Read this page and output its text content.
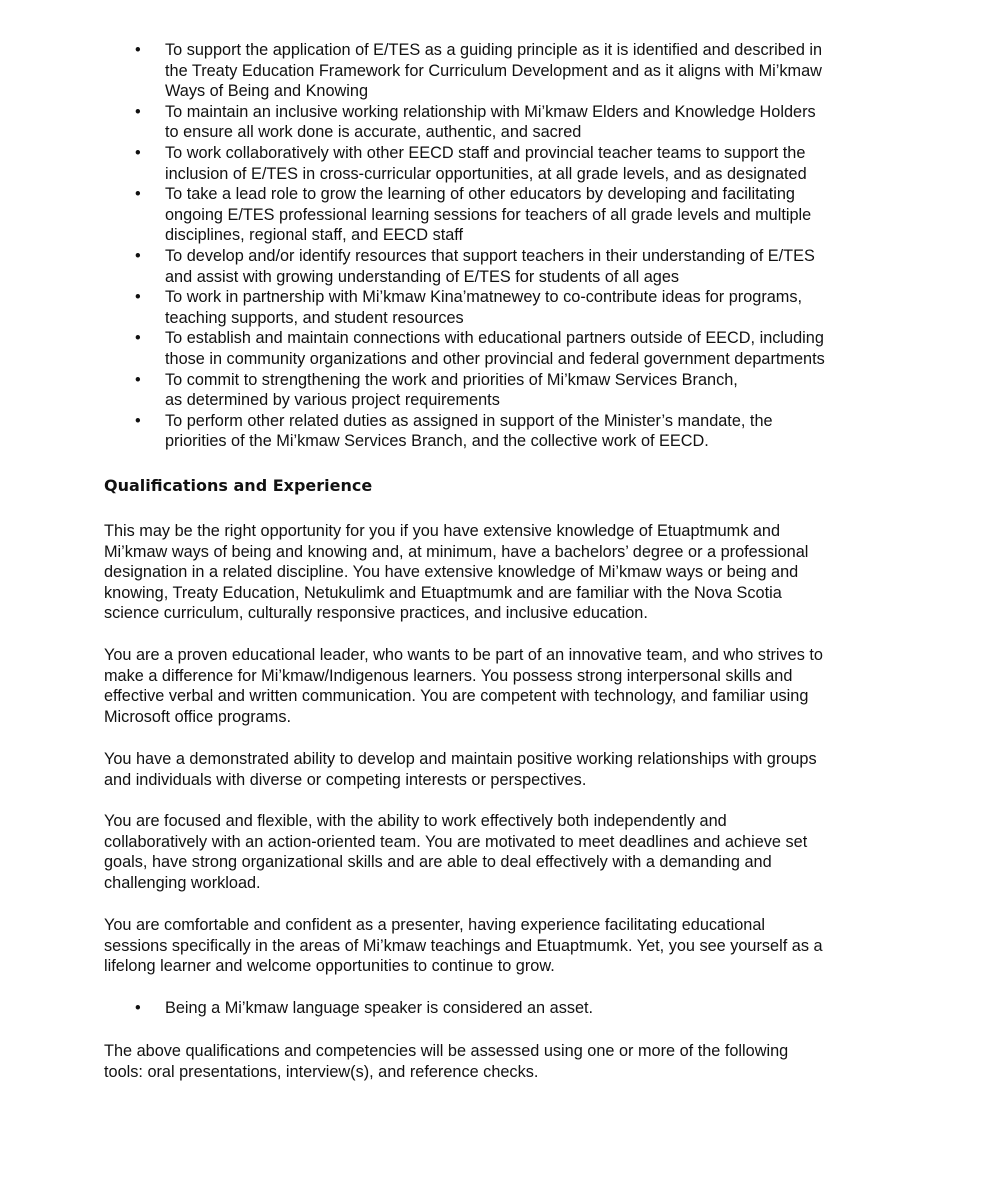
• To support the application of E/TES as a guiding principle as it is identified and described in
the Treaty Education Framework for Curriculum Development and as it aligns with Mi’kmaw
Ways of Being and Knowing
• To maintain an inclusive working relationship with Mi’kmaw Elders and Knowledge Holders
to ensure all work done is accurate, authentic, and sacred
• To work collaboratively with other EECD staff and provincial teacher teams to support the
inclusion of E/TES in cross-curricular opportunities, at all grade levels, and as designated
• To take a lead role to grow the learning of other educators by developing and facilitating
ongoing E/TES professional learning sessions for teachers of all grade levels and multiple
disciplines, regional staff, and EECD staff
• To develop and/or identify resources that support teachers in their understanding of E/TES
and assist with growing understanding of E/TES for students of all ages
• To work in partnership with Mi’kmaw Kina’matnewey to co-contribute ideas for programs,
teaching supports, and student resources
• To establish and maintain connections with educational partners outside of EECD, including
those in community organizations and other provincial and federal government departments
• To commit to strengthening the work and priorities of Mi’kmaw Services Branch,
as determined by various project requirements
• To perform other related duties as assigned in support of the Minister’s mandate, the
priorities of the Mi’kmaw Services Branch, and the collective work of EECD.
Qualifications and Experience

This may be the right opportunity for you if you have extensive knowledge of Etuaptmumk and
Mi’kmaw ways of being and knowing and, at minimum, have a bachelors’ degree or a professional
designation in a related discipline. You have extensive knowledge of Mi’kmaw ways or being and
knowing, Treaty Education, Netukulimk and Etuaptmumk and are familiar with the Nova Scotia
science curriculum, culturally responsive practices, and inclusive education.

You are a proven educational leader, who wants to be part of an innovative team, and who strives to
make a difference for Mi’kmaw/Indigenous learners. You possess strong interpersonal skills and
effective verbal and written communication. You are competent with technology, and familiar using
Microsoft office programs.

You have a demonstrated ability to develop and maintain positive working relationships with groups
and individuals with diverse or competing interests or perspectives.

You are focused and flexible, with the ability to work effectively both independently and
collaboratively with an action-oriented team. You are motivated to meet deadlines and achieve set
goals, have strong organizational skills and are able to deal effectively with a demanding and
challenging workload.

You are comfortable and confident as a presenter, having experience facilitating educational
sessions specifically in the areas of Mi’kmaw teachings and Etuaptmumk. Yet, you see yourself as a
lifelong learner and welcome opportunities to continue to grow.

• Being a Mi’kmaw language speaker is considered an asset.

The above qualifications and competencies will be assessed using one or more of the following
tools: oral presentations, interview(s), and reference checks.
